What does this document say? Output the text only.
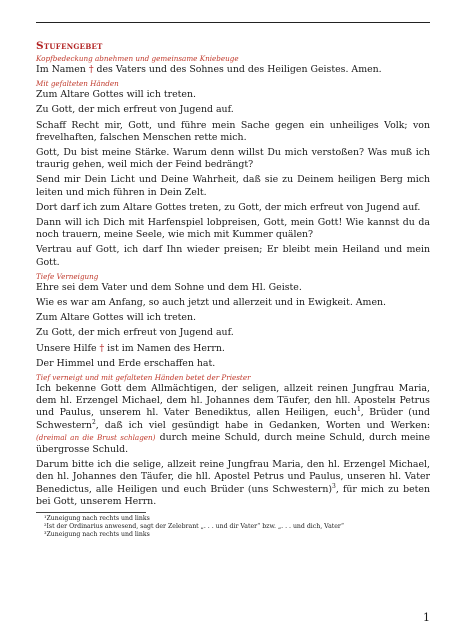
Stufengebet
Kopfbedeckung abnehmen und gemeinsame Kniebeuge
Im Namen † des Vaters und des Sohnes und des Heiligen Geistes. Amen.
Mit gefalteten Händen
Zum Altare Gottes will ich treten.
Zu Gott, der mich erfreut von Jugend auf.
Schaff Recht mir, Gott, und führe mein Sache gegen ein unheiliges Volk; von frevelhaften, falschen Menschen rette mich.
Gott, Du bist meine Stärke. Warum denn willst Du mich verstoßen? Was muß ich traurig gehen, weil mich der Feind bedrängt?
Send mir Dein Licht und Deine Wahrheit, daß sie zu Deinem heiligen Berg mich leiten und mich führen in Dein Zelt.
Dort darf ich zum Altare Gottes treten, zu Gott, der mich erfreut von Jugend auf.
Dann will ich Dich mit Harfenspiel lobpreisen, Gott, mein Gott! Wie kannst du da noch trauern, meine Seele, wie mich mit Kummer quälen?
Vertrau auf Gott, ich darf Ihn wieder preisen; Er bleibt mein Heiland und mein Gott.
Tiefe Verneigung
Ehre sei dem Vater und dem Sohne und dem Hl. Geiste.
Wie es war am Anfang, so auch jetzt und allerzeit und in Ewigkeit. Amen.
Zum Altare Gottes will ich treten.
Zu Gott, der mich erfreut von Jugend auf.
Unsere Hilfe † ist im Namen des Herrn.
Der Himmel und Erde erschaffen hat.
Tief verneigt und mit gefalteten Händen betet der Priester
Ich bekenne Gott dem Allmächtigen, der seligen, allzeit reinen Jungfrau Maria, dem hl. Erzengel Michael, dem hl. Johannes dem Täufer, den hll. Apostelн Petrus und Paulus, unserem hl. Vater Benediktus, allen Heiligen, euch$^1$, Brüder (und Schwestern$^2$, daß ich viel gesündigt habe in Gedanken, Worten und Werken: (dreimal an die Brust schlagen) durch meine Schuld, durch meine Schuld, durch meine übergrosse Schuld.
Darum bitte ich die selige, allzeit reine Jungfrau Maria, den hl. Erzengel Michael, den hl. Johannes den Täufer, die hll. Apostel Petrus und Paulus, unseren hl. Vater Benedictus, alle Heiligen und euch Brüder (uns Schwestern)$^3$, für mich zu beten bei Gott, unserem Herrn.
¹Zuneigung nach rechts und links
²Ist der Ordinarius anwesend, sagt der Zelebrant „. . . und dir Vater“ bzw. „. . . und dich, Vater“
³Zuneigung nach rechts und links
1
